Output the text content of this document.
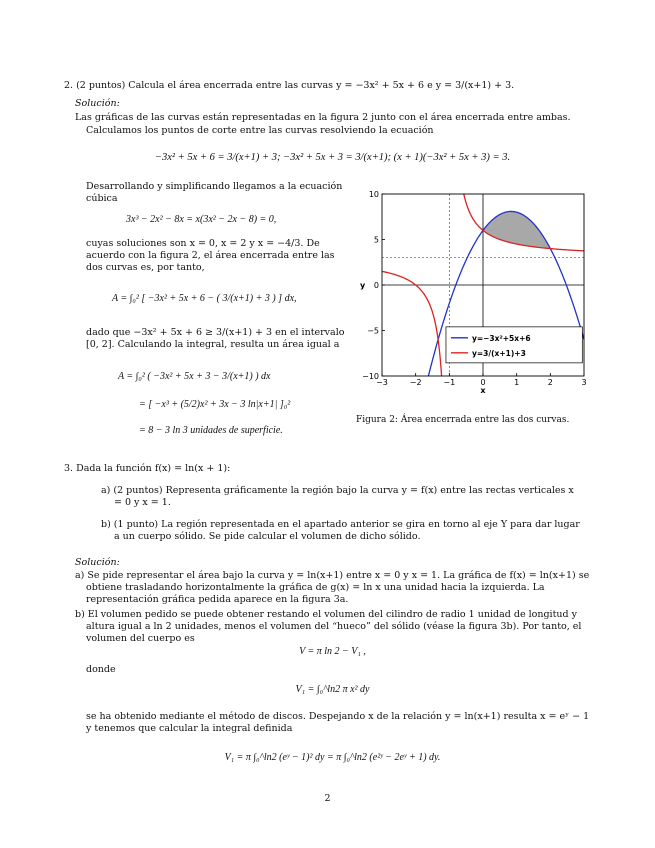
2. (2 puntos) Calcula el área encerrada entre las curvas y = −3x² + 5x + 6 e y = 3/(x+1) + 3.
Solución:
Las gráficas de las curvas están representadas en la figura 2 junto con el área encerrada entre ambas.
Calculamos los puntos de corte entre las curvas resolviendo la ecuación
−3x² + 5x + 6 = 3/(x+1) + 3; −3x² + 5x + 3 = 3/(x+1); (x + 1)(−3x² + 5x + 3) = 3.
Desarrollando y simplificando llegamos a la ecuación cúbica
3x³ − 2x² − 8x = x(3x² − 2x − 8) = 0,
cuyas soluciones son x = 0, x = 2 y x = −4/3. De acuerdo con la figura 2, el área encerrada entre las dos curvas es, por tanto,
A = ∫₀² [ −3x² + 5x + 6 − ( 3/(x+1) + 3 ) ] dx,
dado que −3x² + 5x + 6 ≥ 3/(x+1) + 3 en el intervalo [0, 2]. Calculando la integral, resulta un área igual a
A = ∫₀² ( −3x² + 5x + 3 − 3/(x+1) ) dx
= [ −x³ + (5/2)x² + 3x − 3 ln|x+1| ]₀²
= 8 − 3 ln 3 unidades de superficie.
−3	−2	−1	0	1	2	3
10
5
0
−5
−10
x
y
y=−3x²+5x+6
y=3/(x+1)+3
Figura 2: Área encerrada entre las dos curvas.
3. Dada la función f(x) = ln(x + 1):
a) (2 puntos) Representa gráficamente la región bajo la curva y = f(x) entre las rectas verticales x = 0 y x = 1.
b) (1 punto) La región representada en el apartado anterior se gira en torno al eje Y para dar lugar a un cuerpo sólido. Se pide calcular el volumen de dicho sólido.
Solución:
a) Se pide representar el área bajo la curva y = ln(x+1) entre x = 0 y x = 1. La gráfica de f(x) = ln(x+1) se obtiene trasladando horizontalmente la gráfica de g(x) = ln x una unidad hacia la izquierda. La representación gráfica pedida aparece en la figura 3a.
b) El volumen pedido se puede obtener restando el volumen del cilindro de radio 1 unidad de longitud y altura igual a ln 2 unidades, menos el volumen del “hueco” del sólido (véase la figura 3b). Por tanto, el volumen del cuerpo es
V = π ln 2 − V₁ ,
donde
V₁ = ∫₀^ln2 π x² dy
se ha obtenido mediante el método de discos. Despejando x de la relación y = ln(x+1) resulta x = eʸ − 1 y tenemos que calcular la integral definida
V₁ = π ∫₀^ln2 (eʸ − 1)² dy = π ∫₀^ln2 (e²ʸ − 2eʸ + 1) dy.
2
